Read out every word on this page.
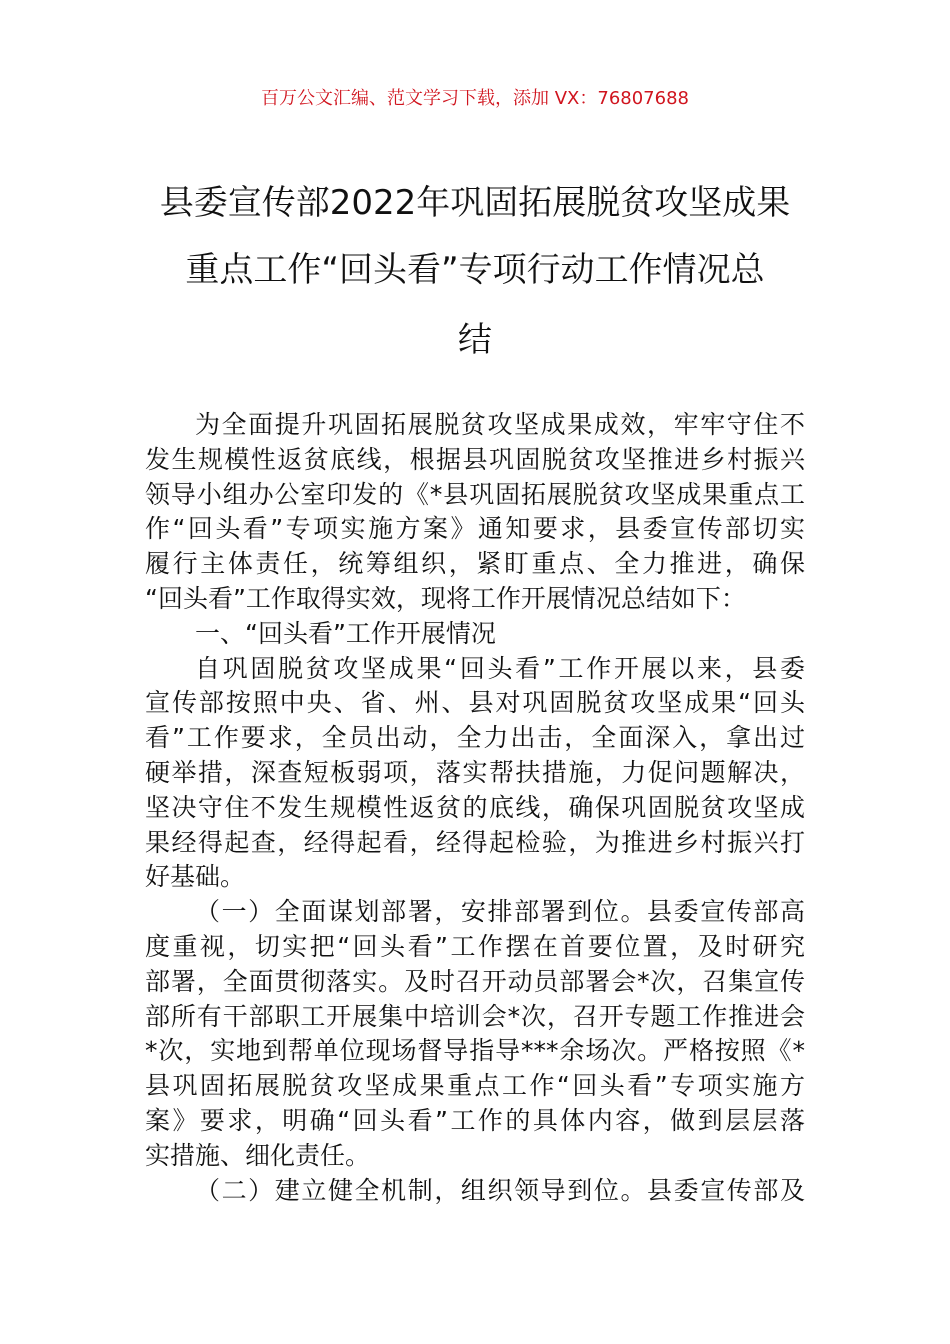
百万公文汇编、范文学习下载，添加 VX：76807688
县委宣传部2022年巩固拓展脱贫攻坚成果
重点工作“回头看”专项行动工作情况总
结
为全面提升巩固拓展脱贫攻坚成果成效，牢牢守住不
发生规模性返贫底线，根据县巩固脱贫攻坚推进乡村振兴
领导小组办公室印发的《*县巩固拓展脱贫攻坚成果重点工
作“回头看”专项实施方案》通知要求，县委宣传部切实
履行主体责任，统筹组织，紧盯重点、全力推进，确保
“回头看”工作取得实效，现将工作开展情况总结如下：
一、“回头看”工作开展情况
自巩固脱贫攻坚成果“回头看”工作开展以来，县委
宣传部按照中央、省、州、县对巩固脱贫攻坚成果“回头
看”工作要求，全员出动，全力出击，全面深入，拿出过
硬举措，深查短板弱项，落实帮扶措施，力促问题解决，
坚决守住不发生规模性返贫的底线，确保巩固脱贫攻坚成
果经得起查，经得起看，经得起检验，为推进乡村振兴打
好基础。
（一）全面谋划部署，安排部署到位。县委宣传部高
度重视，切实把“回头看”工作摆在首要位置，及时研究
部署，全面贯彻落实。及时召开动员部署会*次，召集宣传
部所有干部职工开展集中培训会*次，召开专题工作推进会
*次，实地到帮单位现场督导指导***余场次。严格按照《*
县巩固拓展脱贫攻坚成果重点工作“回头看”专项实施方
案》要求，明确“回头看”工作的具体内容，做到层层落
实措施、细化责任。
（二）建立健全机制，组织领导到位。县委宣传部及
